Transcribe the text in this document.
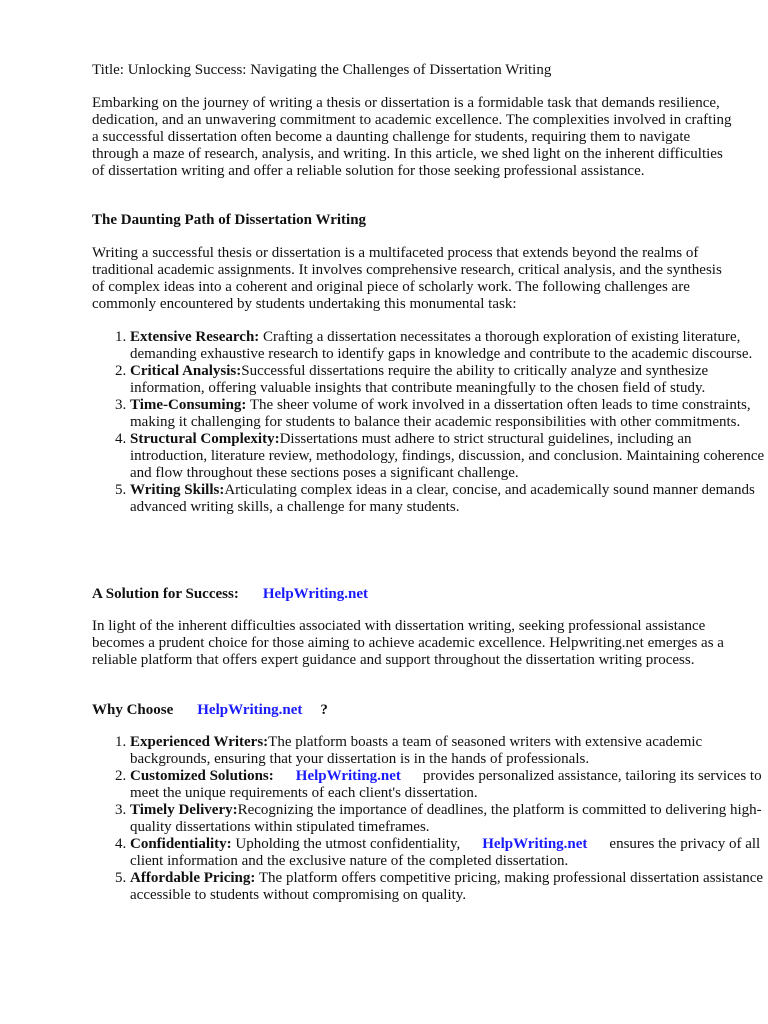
Title: Unlocking Success: Navigating the Challenges of Dissertation Writing

Embarking on the journey of writing a thesis or dissertation is a formidable task that demands resilience, dedication, and an unwavering commitment to academic excellence. The complexities involved in crafting a successful dissertation often become a daunting challenge for students, requiring them to navigate through a maze of research, analysis, and writing. In this article, we shed light on the inherent difficulties of dissertation writing and offer a reliable solution for those seeking professional assistance.

The Daunting Path of Dissertation Writing

Writing a successful thesis or dissertation is a multifaceted process that extends beyond the realms of traditional academic assignments. It involves comprehensive research, critical analysis, and the synthesis of complex ideas into a coherent and original piece of scholarly work. The following challenges are commonly encountered by students undertaking this monumental task:

1. Extensive Research: Crafting a dissertation necessitates a thorough exploration of existing literature, demanding exhaustive research to identify gaps in knowledge and contribute to the academic discourse.
2. Critical Analysis:Successful dissertations require the ability to critically analyze and synthesize information, offering valuable insights that contribute meaningfully to the chosen field of study.
3. Time-Consuming: The sheer volume of work involved in a dissertation often leads to time constraints, making it challenging for students to balance their academic responsibilities with other commitments.
4. Structural Complexity:Dissertations must adhere to strict structural guidelines, including an introduction, literature review, methodology, findings, discussion, and conclusion. Maintaining coherence and flow throughout these sections poses a significant challenge.
5. Writing Skills:Articulating complex ideas in a clear, concise, and academically sound manner demands advanced writing skills, a challenge for many students.

A Solution for Success: HelpWriting.net

In light of the inherent difficulties associated with dissertation writing, seeking professional assistance becomes a prudent choice for those aiming to achieve academic excellence. Helpwriting.net emerges as a reliable platform that offers expert guidance and support throughout the dissertation writing process.

Why Choose HelpWriting.net ?

1. Experienced Writers:The platform boasts a team of seasoned writers with extensive academic backgrounds, ensuring that your dissertation is in the hands of professionals.
2. Customized Solutions: HelpWriting.net provides personalized assistance, tailoring its services to meet the unique requirements of each client's dissertation.
3. Timely Delivery:Recognizing the importance of deadlines, the platform is committed to delivering high-quality dissertations within stipulated timeframes.
4. Confidentiality: Upholding the utmost confidentiality, HelpWriting.net ensures the privacy of all client information and the exclusive nature of the completed dissertation.
5. Affordable Pricing: The platform offers competitive pricing, making professional dissertation assistance accessible to students without compromising on quality.
